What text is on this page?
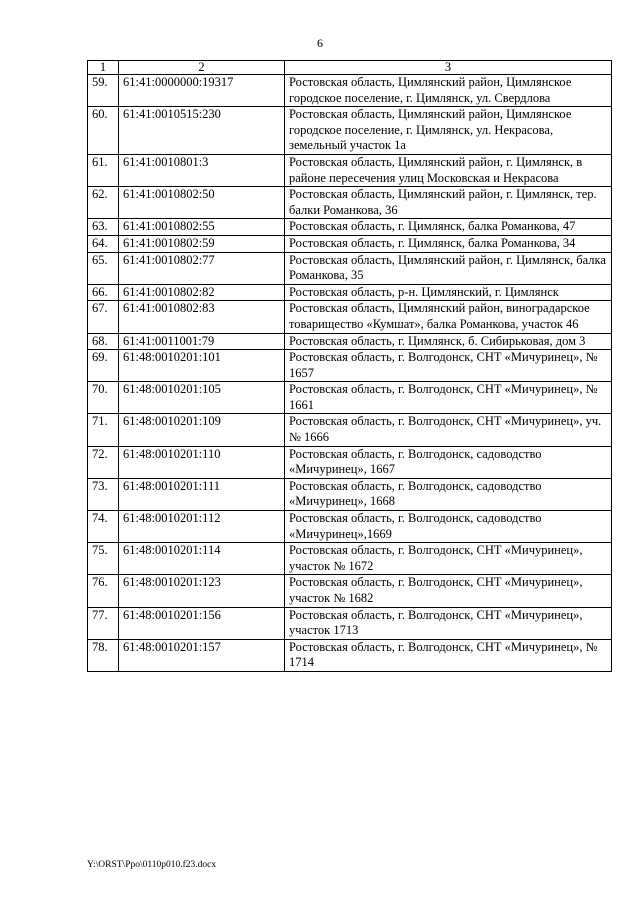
6
1	2	3
59.	61:41:0000000:19317	Ростовская область, Цимлянский район, Цимлянское городское поселение, г. Цимлянск, ул. Свердлова
60.	61:41:0010515:230	Ростовская область, Цимлянский район, Цимлянское городское поселение, г. Цимлянск, ул. Некрасова, земельный участок 1а
61.	61:41:0010801:3	Ростовская область, Цимлянский район, г. Цимлянск, в районе пересечения улиц Московская и Некрасова
62.	61:41:0010802:50	Ростовская область, Цимлянский район, г. Цимлянск, тер. балки Романкова, 36
63.	61:41:0010802:55	Ростовская область, г. Цимлянск, балка Романкова, 47
64.	61:41:0010802:59	Ростовская область, г. Цимлянск, балка Романкова, 34
65.	61:41:0010802:77	Ростовская область, Цимлянский район, г. Цимлянск, балка Романкова, 35
66.	61:41:0010802:82	Ростовская область, р-н. Цимлянский, г. Цимлянск
67.	61:41:0010802:83	Ростовская область, Цимлянский район, виноградарское товарищество «Кумшат», балка Романкова, участок 46
68.	61:41:0011001:79	Ростовская область, г. Цимлянск, б. Сибирьковая, дом 3
69.	61:48:0010201:101	Ростовская область, г. Волгодонск, СНТ «Мичуринец», № 1657
70.	61:48:0010201:105	Ростовская область, г. Волгодонск, СНТ «Мичуринец», № 1661
71.	61:48:0010201:109	Ростовская область, г. Волгодонск, СНТ «Мичуринец», уч. № 1666
72.	61:48:0010201:110	Ростовская область, г. Волгодонск, садоводство «Мичуринец», 1667
73.	61:48:0010201:111	Ростовская область, г. Волгодонск, садоводство «Мичуринец», 1668
74.	61:48:0010201:112	Ростовская область, г. Волгодонск, садоводство «Мичуринец»,1669
75.	61:48:0010201:114	Ростовская область, г. Волгодонск, СНТ «Мичуринец», участок № 1672
76.	61:48:0010201:123	Ростовская область, г. Волгодонск, СНТ «Мичуринец», участок № 1682
77.	61:48:0010201:156	Ростовская область, г. Волгодонск, СНТ «Мичуринец», участок 1713
78.	61:48:0010201:157	Ростовская область, г. Волгодонск, СНТ «Мичуринец», № 1714
Y:\ORST\Ppo\0110p010.f23.docx
